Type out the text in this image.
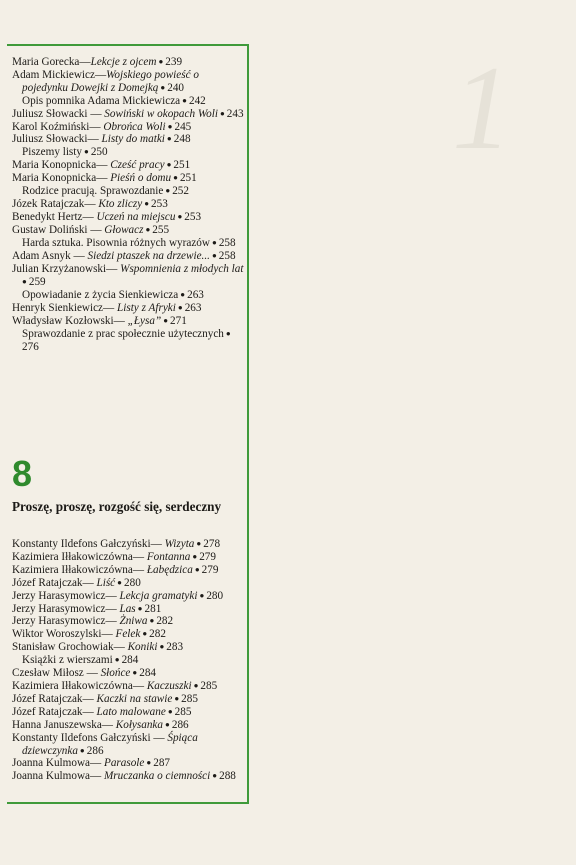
1
Maria Gorecka—Lekcje z ojcem ● 239
Adam Mickiewicz—Wojskiego powieść o pojedynku Dowejki z Domejką ● 240
Opis pomnika Adama Mickiewicza ● 242
Juliusz Słowacki — Sowiński w okopach Woli ● 243
Karol Koźmiński— Obrońca Woli ● 245
Juliusz Słowacki— Listy do matki ● 248
Piszemy listy ● 250
Maria Konopnicka— Cześć pracy ● 251
Maria Konopnicka— Pieśń o domu ● 251
Rodzice pracują. Sprawozdanie ● 252
Józek Ratajczak— Kto zliczy ● 253
Benedykt Hertz— Uczeń na miejscu ● 253
Gustaw Doliński — Głowacz ● 255
Harda sztuka. Pisownia różnych wyrazów ● 258
Adam Asnyk — Siedzi ptaszek na drzewie... ● 258
Julian Krzyżanowski— Wspomnienia z młodych lat ● 259
Opowiadanie z życia Sienkiewicza ● 263
Henryk Sienkiewicz— Listy z Afryki ● 263
Władysław Kozłowski— „Łysa” ● 271
Sprawozdanie z prac społecznie użytecznych ● 276
8
Proszę, proszę, rozgość się, serdeczny
Konstanty Ildefons Gałczyński— Wizyta ● 278
Kazimiera Iłłakowiczówna— Fontanna ● 279
Kazimiera Iłłakowiczówna— Łabędzica ● 279
Józef Ratajczak— Liść ● 280
Jerzy Harasymowicz— Lekcja gramatyki ● 280
Jerzy Harasymowicz— Las ● 281
Jerzy Harasymowicz— Żniwa ● 282
Wiktor Woroszylski— Felek ● 282
Stanisław Grochowiak— Koniki ● 283
Książki z wierszami ● 284
Czesław Miłosz — Słońce ● 284
Kazimiera Iłłakowiczówna— Kaczuszki ● 285
Józef Ratajczak— Kaczki na stawie ● 285
Józef Ratajczak— Lato malowane ● 285
Hanna Januszewska— Kołysanka ● 286
Konstanty Ildefons Gałczyński — Śpiąca dziewczynka ● 286
Joanna Kulmowa— Parasole ● 287
Joanna Kulmowa— Mruczanka o ciemności ● 288
